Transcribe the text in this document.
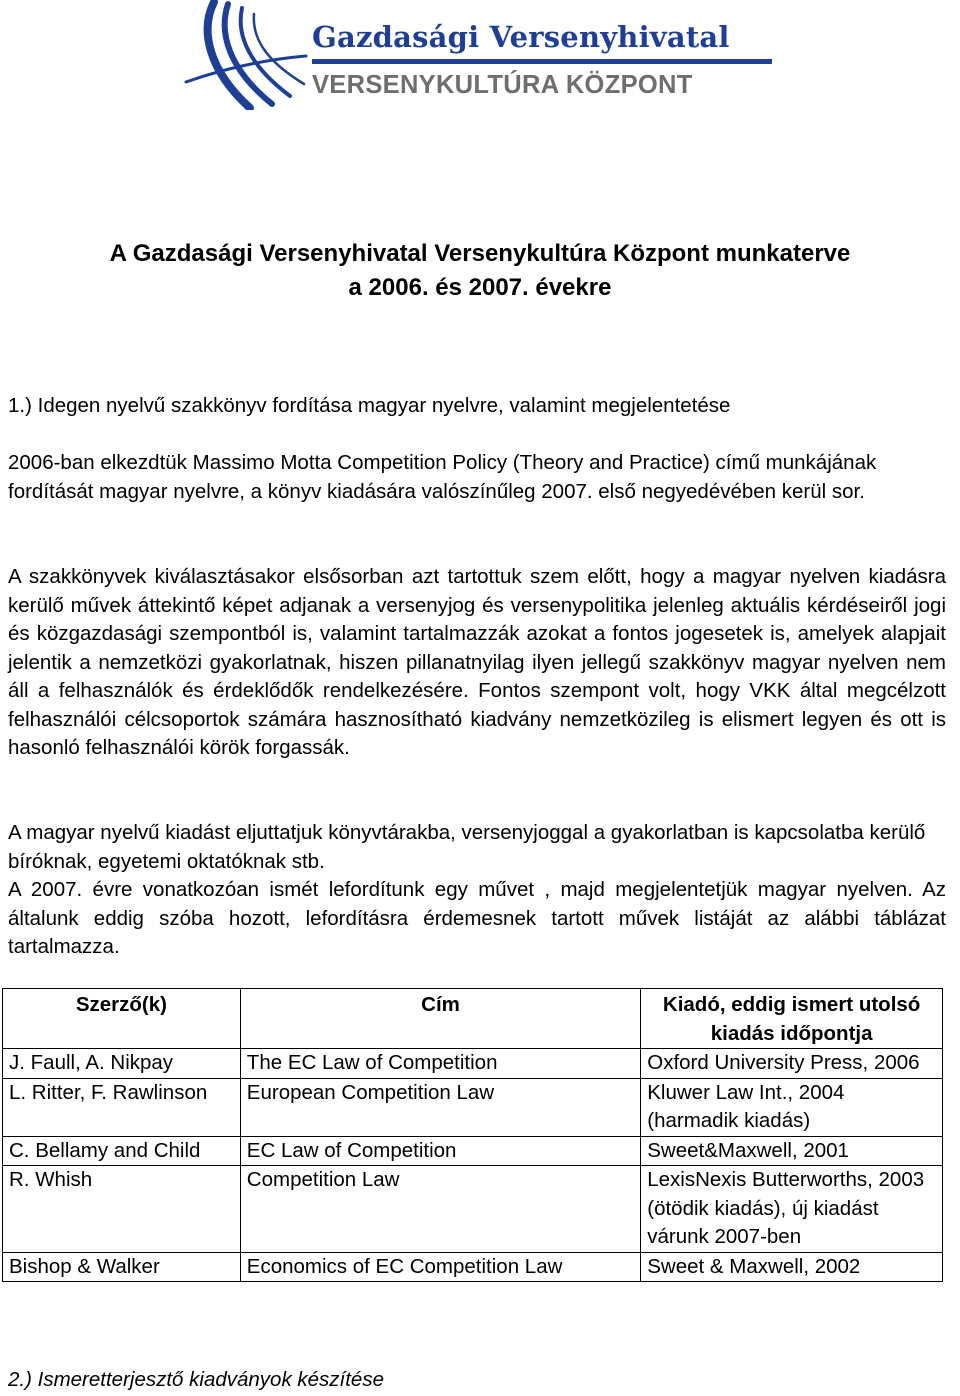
Gazdasági Versenyhivatal
VERSENYKULTÚRA KÖZPONT
A Gazdasági Versenyhivatal Versenykultúra Központ munkaterve
a 2006. és 2007. évekre

1.) Idegen nyelvű szakkönyv fordítása magyar nyelvre, valamint megjelentetése

2006-ban elkezdtük Massimo Motta Competition Policy (Theory and Practice) című munkájának fordítását magyar nyelvre, a könyv kiadására valószínűleg 2007. első negyedévében kerül sor.

A szakkönyvek kiválasztásakor elsősorban azt tartottuk szem előtt, hogy a magyar nyelven kiadásra kerülő művek áttekintő képet adjanak a versenyjog és versenypolitika jelenleg aktuális kérdéseiről jogi és közgazdasági szempontból is, valamint tartalmazzák azokat a fontos jogesetek is, amelyek alapjait jelentik a nemzetközi gyakorlatnak, hiszen pillanatnyilag ilyen jellegű szakkönyv magyar nyelven nem áll a felhasználók és érdeklődők rendelkezésére. Fontos szempont volt, hogy VKK által megcélzott felhasználói célcsoportok számára hasznosítható kiadvány nemzetközileg is elismert legyen és ott is hasonló felhasználói körök forgassák.

A magyar nyelvű kiadást eljuttatjuk könyvtárakba, versenyjoggal a gyakorlatban is kapcsolatba kerülő bíróknak, egyetemi oktatóknak stb.

A 2007. évre vonatkozóan ismét lefordítunk egy művet , majd megjelentetjük magyar nyelven. Az általunk eddig szóba hozott, lefordításra érdemesnek tartott művek listáját az alábbi táblázat tartalmazza.

Szerző(k)	Cím	Kiadó, eddig ismert utolsó kiadás időpontja
J. Faull, A. Nikpay	The EC Law of Competition	Oxford University Press, 2006
L. Ritter, F. Rawlinson	European Competition Law	Kluwer Law Int., 2004 (harmadik kiadás)
C. Bellamy and Child	EC Law of Competition	Sweet&Maxwell, 2001
R. Whish	Competition Law	LexisNexis Butterworths, 2003 (ötödik kiadás), új kiadást várunk 2007-ben
Bishop & Walker	Economics of EC Competition Law	Sweet & Maxwell, 2002

2.) Ismeretterjesztő kiadványok készítése
